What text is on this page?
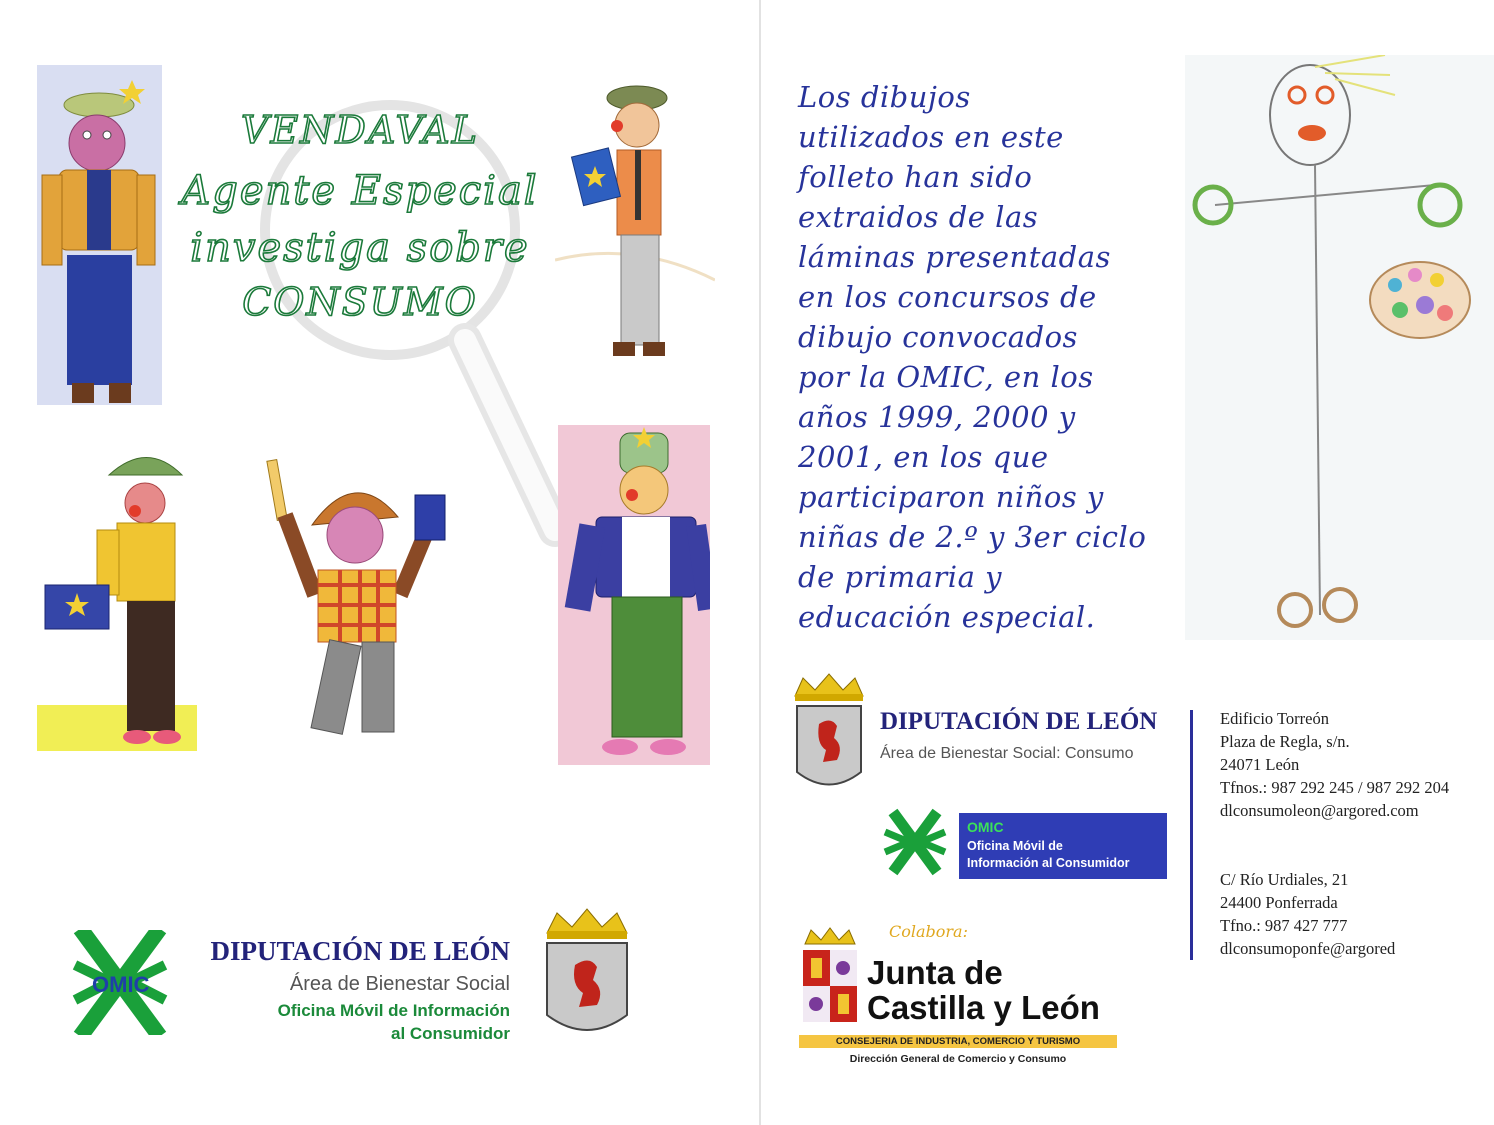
VENDAVAL
Agente Especial
investiga sobre
CONSUMO
OMIC
DIPUTACIÓN DE LEÓN
Área de Bienestar Social
Oficina Móvil de Información
al Consumidor
DIPUTACIÓN DE LEÓN
Área de Bienestar Social: Consumo
OMIC
Oficina Móvil de
Información al Consumidor
Colabora:
Junta de
Castilla y León
CONSEJERIA DE INDUSTRIA, COMERCIO Y TURISMO
Dirección General de Comercio y Consumo
Los dibujos
utilizados en este
folleto han sido
extraidos de las
láminas presentadas
en los concursos de
dibujo convocados
por la OMIC, en los
años 1999, 2000 y
2001, en los que
participaron niños y
niñas de 2.º y 3er ciclo
de primaria y
educación especial.
Edificio Torreón
Plaza de Regla, s/n.
24071 León
Tfnos.: 987 292 245 / 987 292 204
dlconsumoleon@argored.com
C/ Río Urdiales, 21
24400 Ponferrada
Tfno.: 987 427 777
dlconsumoponfe@argored
